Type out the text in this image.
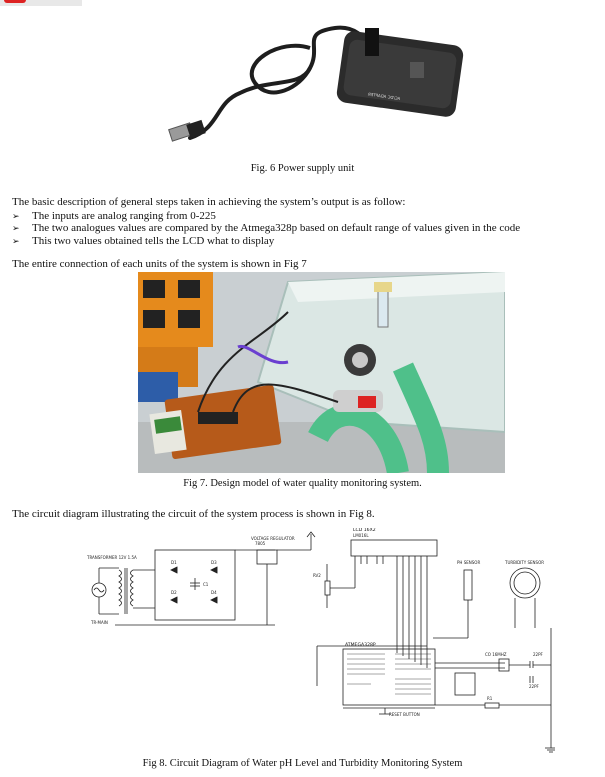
AC/DC ADAPTER
Fig. 6 Power supply unit
The basic description of general steps taken in achieving the system’s output is as follow:
➢	The inputs are analog ranging from 0-225
➢	The two analogues values are compared by the Atmega328p based on default range of values given in the code
➢	This two values obtained tells the LCD what to display
The entire connection of each units of the system is shown in Fig 7
Fig 7. Design model of water quality monitoring system.
The circuit diagram illustrating the circuit of the system process is shown in Fig 8.
TRANSFORMER 12V 1.5A
TR-MAIN
D1
D2
D3
D4
C1
VOLTAGE REGULATOR
7805
LCD 16X2
LM016L
RV2
PH SENSOR	TURBIDITY SENSOR
ATMEGA328P
CO 16MHZ	22PF
22PF
RESET BUTTON
R1
Fig 8. Circuit Diagram of Water pH Level and Turbidity Monitoring System
